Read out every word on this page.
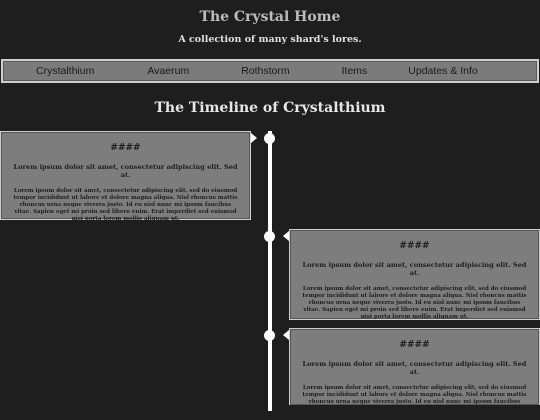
The Crystal Home
A collection of many shard's lores.
Crystalthium	Avaerum	Rothstorm	Items	Updates & Info
The Timeline of Crystalthium
####
Lorem ipsum dolor sit amet, consectetur adipiscing elit. Sed at.
Lorem ipsum dolor sit amet, consectetur adipiscing elit, sed do eiusmod tempor incididunt ut labore et dolore magna aliqua. Nisl rhoncus mattis rhoncus urna neque viverra justo. Id eu nisl nunc mi ipsum faucibus vitae. Sapien eget mi proin sed libero enim. Erat imperdiet sed euismod nisi porta lorem mollis aliquam ut.
####
Lorem ipsum dolor sit amet, consectetur adipiscing elit. Sed at.
Lorem ipsum dolor sit amet, consectetur adipiscing elit, sed do eiusmod tempor incididunt ut labore et dolore magna aliqua. Nisl rhoncus mattis rhoncus urna neque viverra justo. Id eu nisl nunc mi ipsum faucibus vitae. Sapien eget mi proin sed libero enim. Erat imperdiet sed euismod nisi porta lorem mollis aliquam ut.
####
Lorem ipsum dolor sit amet, consectetur adipiscing elit. Sed at.
Lorem ipsum dolor sit amet, consectetur adipiscing elit, sed do eiusmod tempor incididunt ut labore et dolore magna aliqua. Nisl rhoncus mattis rhoncus urna neque viverra justo. Id eu nisl nunc mi ipsum faucibus vitae. Sapien eget mi proin sed libero enim. Erat imperdiet sed euismod nisi porta lorem mollis aliquam ut.
